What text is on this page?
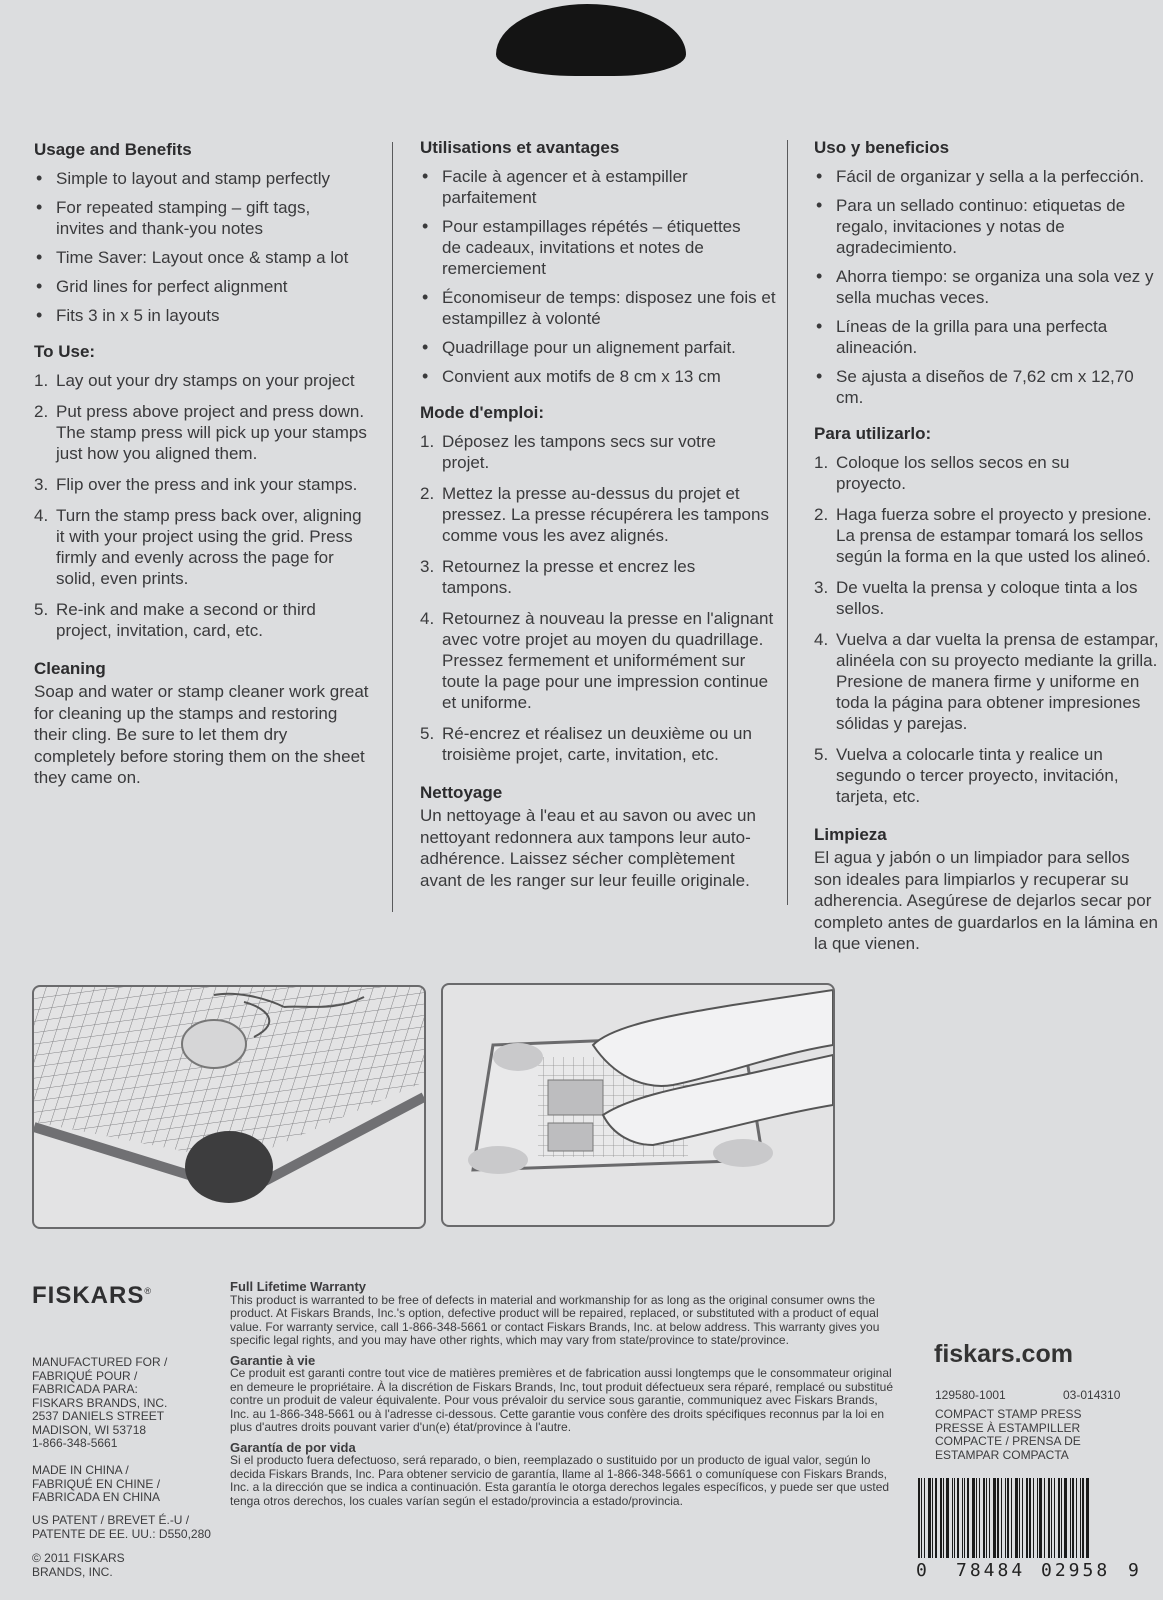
Usage and Benefits
• Simple to layout and stamp perfectly
• For repeated stamping – gift tags, invites and thank-you notes
• Time Saver: Layout once & stamp a lot
• Grid lines for perfect alignment
• Fits 3 in x 5 in layouts
To Use:
1. Lay out your dry stamps on your project
2. Put press above project and press down. The stamp press will pick up your stamps just how you aligned them.
3. Flip over the press and ink your stamps.
4. Turn the stamp press back over, aligning it with your project using the grid. Press firmly and evenly across the page for solid, even prints.
5. Re-ink and make a second or third project, invitation, card, etc.
Cleaning

Soap and water or stamp cleaner work great for cleaning up the stamps and restoring their cling. Be sure to let them dry completely before storing them on the sheet they came on.

Utilisations et avantages
• Facile à agencer et à estampiller parfaitement
• Pour estampillages répétés – étiquettes de cadeaux, invitations et notes de remerciement
• Économiseur de temps: disposez une fois et estampillez à volonté
• Quadrillage pour un alignement parfait.
• Convient aux motifs de 8 cm x 13 cm
Mode d'emploi:
1. Déposez les tampons secs sur votre projet.
2. Mettez la presse au-dessus du projet et pressez. La presse récupérera les tampons comme vous les avez alignés.
3. Retournez la presse et encrez les tampons.
4. Retournez à nouveau la presse en l'alignant avec votre projet au moyen du quadrillage. Pressez fermement et uniformément sur toute la page pour une impression continue et uniforme.
5. Ré-encrez et réalisez un deuxième ou un troisième projet, carte, invitation, etc.
Nettoyage

Un nettoyage à l'eau et au savon ou avec un nettoyant redonnera aux tampons leur auto-adhérence. Laissez sécher complètement avant de les ranger sur leur feuille originale.

Uso y beneficios
• Fácil de organizar y sella a la perfección.
• Para un sellado continuo: etiquetas de regalo, invitaciones y notas de agradecimiento.
• Ahorra tiempo: se organiza una sola vez y sella muchas veces.
• Líneas de la grilla para una perfecta alineación.
• Se ajusta a diseños de 7,62 cm x 12,70 cm.
Para utilizarlo:
1. Coloque los sellos secos en su proyecto.
2. Haga fuerza sobre el proyecto y presione. La prensa de estampar tomará los sellos según la forma en la que usted los alineó.
3. De vuelta la prensa y coloque tinta a los sellos.
4. Vuelva a dar vuelta la prensa de estampar, alinéela con su proyecto mediante la grilla. Presione de manera firme y uniforme en toda la página para obtener impresiones sólidas y parejas.
5. Vuelva a colocarle tinta y realice un segundo o tercer proyecto, invitación, tarjeta, etc.
Limpieza

El agua y jabón o un limpiador para sellos son ideales para limpiarlos y recuperar su adherencia. Asegúrese de dejarlos secar por completo antes de guardarlos en la lámina en la que vienen.

FISKARS®
MANUFACTURED FOR /
FABRIQUÉ POUR /
FABRICADA PARA:
FISKARS BRANDS, INC.
2537 DANIELS STREET
MADISON, WI 53718
1-866-348-5661
MADE IN CHINA /
FABRIQUÉ EN CHINE /
FABRICADA EN CHINA
US PATENT / BREVET É.-U /
PATENTE DE EE. UU.: D550,280
© 2011 FISKARS
BRANDS, INC.
Full Lifetime Warranty
This product is warranted to be free of defects in material and workmanship for as long as the original consumer owns the product. At Fiskars Brands, Inc.'s option, defective product will be repaired, replaced, or substituted with a product of equal value. For warranty service, call 1-866-348-5661 or contact Fiskars Brands, Inc. at below address. This warranty gives you specific legal rights, and you may have other rights, which may vary from state/province to state/province.
Garantie à vie
Ce produit est garanti contre tout vice de matières premières et de fabrication aussi longtemps que le consommateur original en demeure le propriétaire. À la discrétion de Fiskars Brands, Inc, tout produit défectueux sera réparé, remplacé ou substitué contre un produit de valeur équivalente. Pour vous prévaloir du service sous garantie, communiquez avec Fiskars Brands, Inc. au 1-866-348-5661 ou à l'adresse ci-dessous. Cette garantie vous confère des droits spécifiques reconnus par la loi en plus d'autres droits pouvant varier d'un(e) état/province à l'autre.
Garantía de por vida
Si el producto fuera defectuoso, será reparado, o bien, reemplazado o sustituido por un producto de igual valor, según lo decida Fiskars Brands, Inc. Para obtener servicio de garantía, llame al 1-866-348-5661 o comuníquese con Fiskars Brands, Inc. a la dirección que se indica a continuación. Esta garantía le otorga derechos legales específicos, y puede ser que usted tenga otros derechos, los cuales varían según el estado/provincia a estado/provincia.
fiskars.com
129580-1001	03-014310
COMPACT STAMP PRESS
PRESSE À ESTAMPILLER
COMPACTE / PRENSA DE
ESTAMPAR COMPACTA
0 78484 02958 9
